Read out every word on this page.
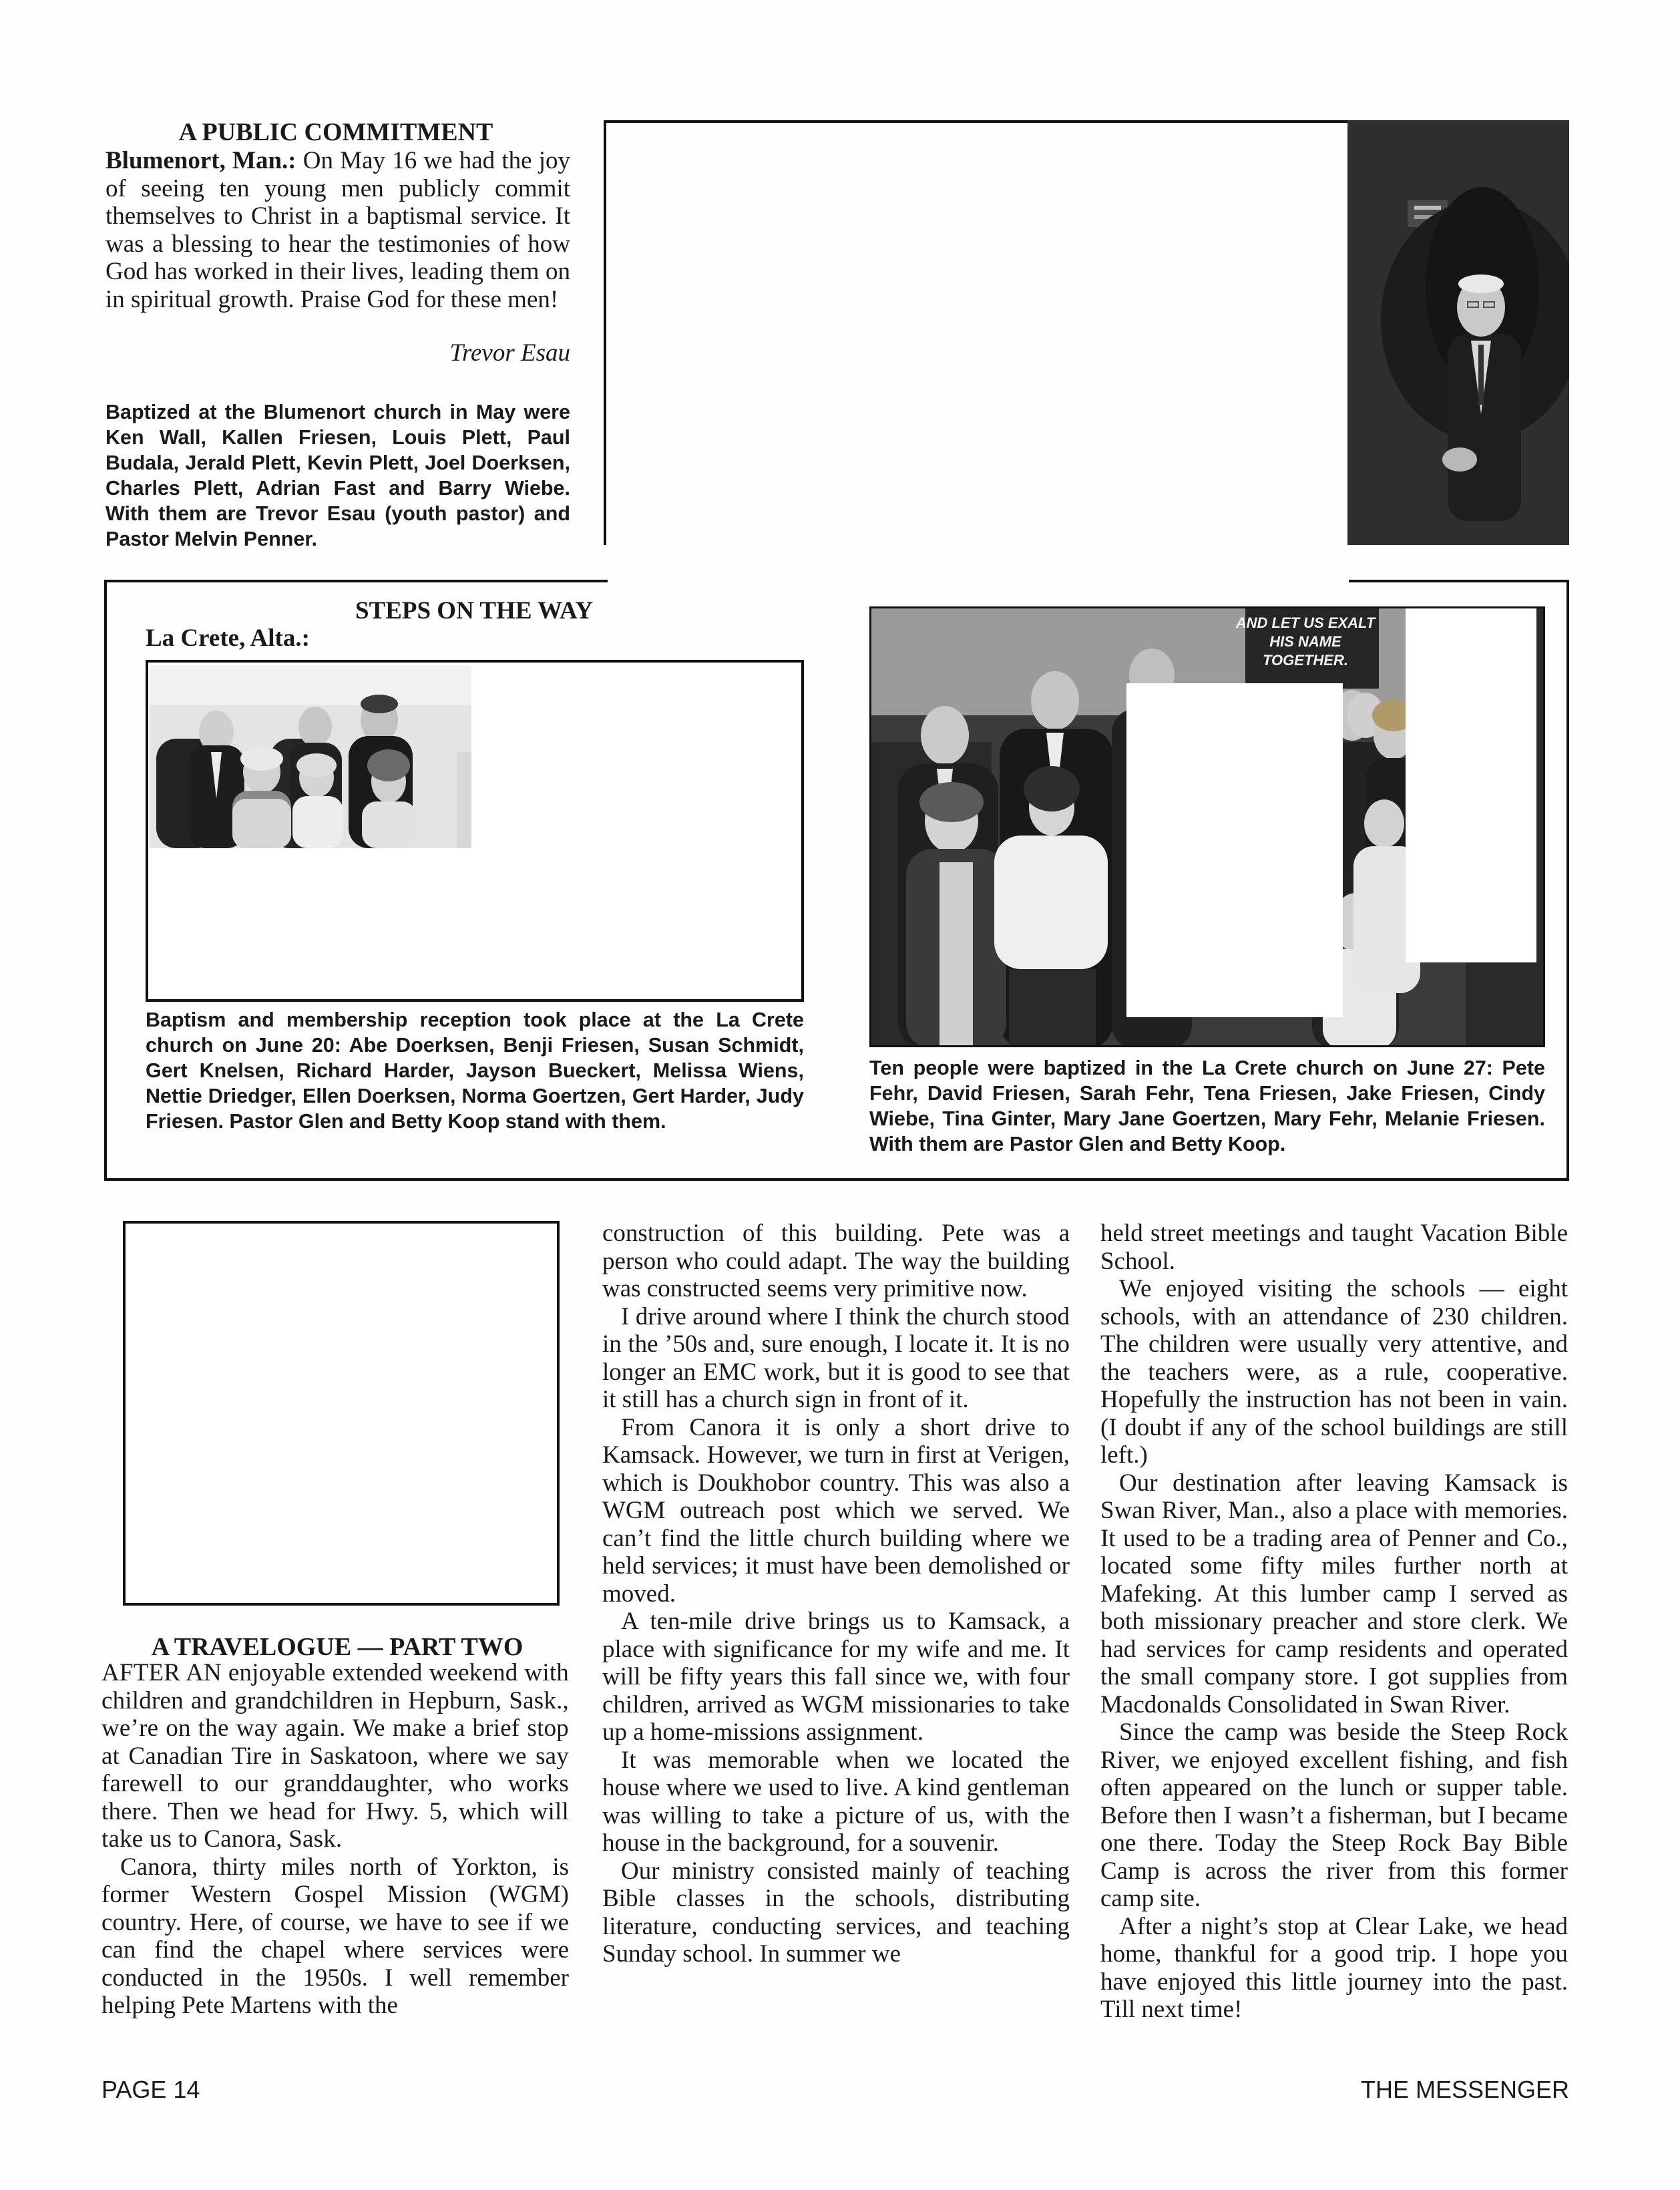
A PUBLIC COMMITMENT
Blumenort, Man.: On May 16 we had the joy of seeing ten young men publicly commit themselves to Christ in a baptismal service. It was a blessing to hear the testimonies of how God has worked in their lives, leading them on in spiritual growth. Praise God for these men!
Trevor Esau

Baptized at the Blumenort church in May were Ken Wall, Kallen Friesen, Louis Plett, Paul Budala, Jerald Plett, Kevin Plett, Joel Doerksen, Charles Plett, Adrian Fast and Barry Wiebe. With them are Trevor Esau (youth pastor) and Pastor Melvin Penner.

STEPS ON THE WAY
La Crete, Alta.:

Baptism and membership reception took place at the La Crete church on June 20: Abe Doerksen, Benji Friesen, Susan Schmidt, Gert Knelsen, Richard Harder, Jayson Bueckert, Melissa Wiens, Nettie Driedger, Ellen Doerksen, Norma Goertzen, Gert Harder, Judy Friesen. Pastor Glen and Betty Koop stand with them.

AND LET US EXALT HIS NAME TOGETHER.

Ten people were baptized in the La Crete church on June 27: Pete Fehr, David Friesen, Sarah Fehr, Tena Friesen, Jake Friesen, Cindy Wiebe, Tina Ginter, Mary Jane Goertzen, Mary Fehr, Melanie Friesen. With them are Pastor Glen and Betty Koop.

A TRAVELOGUE — PART TWO

AFTER AN enjoyable extended weekend with children and grandchildren in Hepburn, Sask., we’re on the way again. We make a brief stop at Canadian Tire in Saskatoon, where we say farewell to our granddaughter, who works there. Then we head for Hwy. 5, which will take us to Canora, Sask.

Canora, thirty miles north of Yorkton, is former Western Gospel Mission (WGM) country. Here, of course, we have to see if we can find the chapel where services were conducted in the 1950s. I well remember helping Pete Martens with the

construction of this building. Pete was a person who could adapt. The way the building was constructed seems very primitive now.

I drive around where I think the church stood in the ’50s and, sure enough, I locate it. It is no longer an EMC work, but it is good to see that it still has a church sign in front of it.

From Canora it is only a short drive to Kamsack. However, we turn in first at Verigen, which is Doukhobor country. This was also a WGM outreach post which we served. We can’t find the little church building where we held services; it must have been demolished or moved.

A ten-mile drive brings us to Kamsack, a place with significance for my wife and me. It will be fifty years this fall since we, with four children, arrived as WGM missionaries to take up a home-missions assignment.

It was memorable when we located the house where we used to live. A kind gentleman was willing to take a picture of us, with the house in the background, for a souvenir.

Our ministry consisted mainly of teaching Bible classes in the schools, distributing literature, conducting services, and teaching Sunday school. In summer we

held street meetings and taught Vacation Bible School.

We enjoyed visiting the schools — eight schools, with an attendance of 230 children. The children were usually very attentive, and the teachers were, as a rule, cooperative. Hopefully the instruction has not been in vain. (I doubt if any of the school buildings are still left.)

Our destination after leaving Kamsack is Swan River, Man., also a place with memories. It used to be a trading area of Penner and Co., located some fifty miles further north at Mafeking. At this lumber camp I served as both missionary preacher and store clerk. We had services for camp residents and operated the small company store. I got supplies from Macdonalds Consolidated in Swan River.

Since the camp was beside the Steep Rock River, we enjoyed excellent fishing, and fish often appeared on the lunch or supper table. Before then I wasn’t a fisherman, but I became one there. Today the Steep Rock Bay Bible Camp is across the river from this former camp site.

After a night’s stop at Clear Lake, we head home, thankful for a good trip. I hope you have enjoyed this little journey into the past. Till next time!

PAGE 14	THE MESSENGER
